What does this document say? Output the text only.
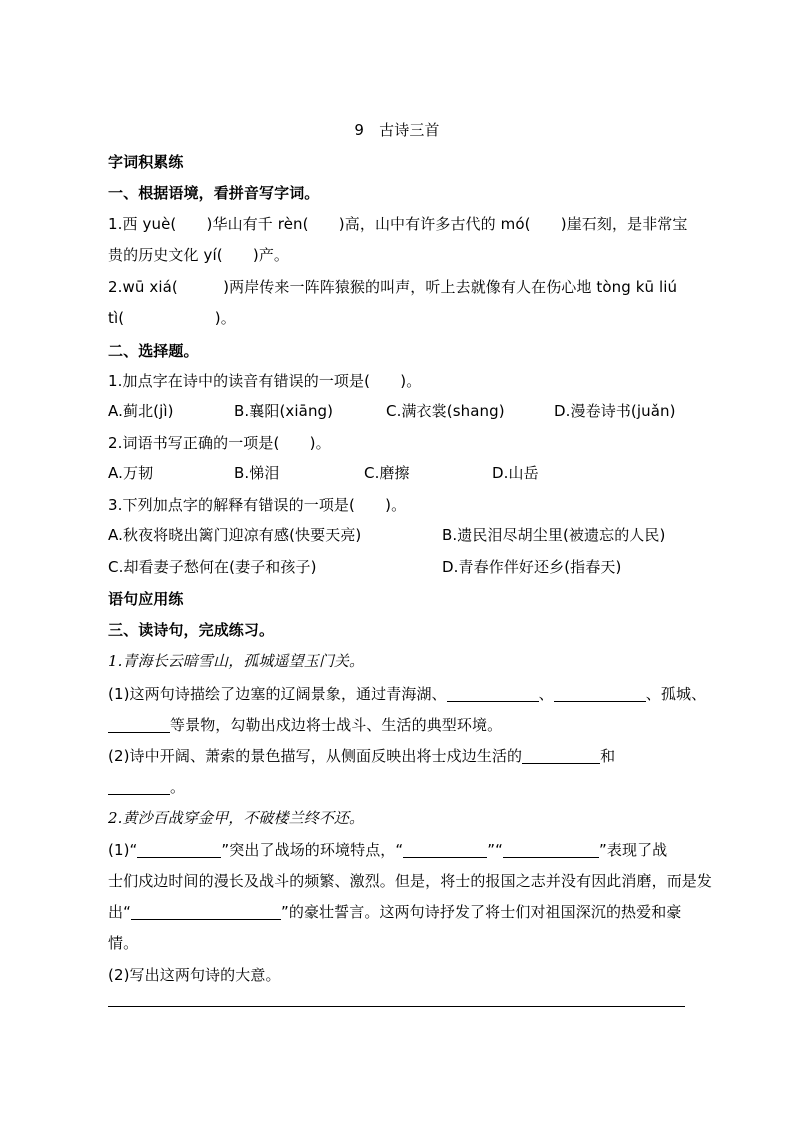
9　古诗三首
字词积累练
一、根据语境，看拼音写字词。
1.西 yuè(　　)华山有千 rèn(　　)高，山中有许多古代的 mó(　　)崖石刻，是非常宝
贵的历史文化 yí(　　)产。
2.wū xiá(　　　)两岸传来一阵阵猿猴的叫声，听上去就像有人在伤心地 tòng kū liú
tì(　　　　　　)。
二、选择题。
1.加点字在诗中的读音有错误的一项是(　　)。
A.蓟北(jì)	B.襄阳(xiāng)	C.满衣裳(shang)	D.漫卷诗书(juǎn)
2.词语书写正确的一项是(　　)。
A.万韧	B.悌泪	C.磨擦	D.山岳
3.下列加点字的解释有错误的一项是(　　)。
A.秋夜将晓出篱门迎凉有感(快要天亮)	B.遗民泪尽胡尘里(被遗忘的人民)
C.却看妻子愁何在(妻子和孩子)	D.青春作伴好还乡(指春天)
语句应用练
三、读诗句，完成练习。
1.青海长云暗雪山，孤城遥望玉门关。
(1)这两句诗描绘了边塞的辽阔景象，通过青海湖、	、	、孤城、
等景物，勾勒出戍边将士战斗、生活的典型环境。
(2)诗中开阔、萧索的景色描写，从侧面反映出将士戍边生活的	和
。
2.黄沙百战穿金甲，不破楼兰终不还。
(1)“	”突出了战场的环境特点，“	”“	”表现了战
士们戍边时间的漫长及战斗的频繁、激烈。但是，将士的报国之志并没有因此消磨，而是发
出“	”的豪壮誓言。这两句诗抒发了将士们对祖国深沉的热爱和豪
情。
(2)写出这两句诗的大意。
